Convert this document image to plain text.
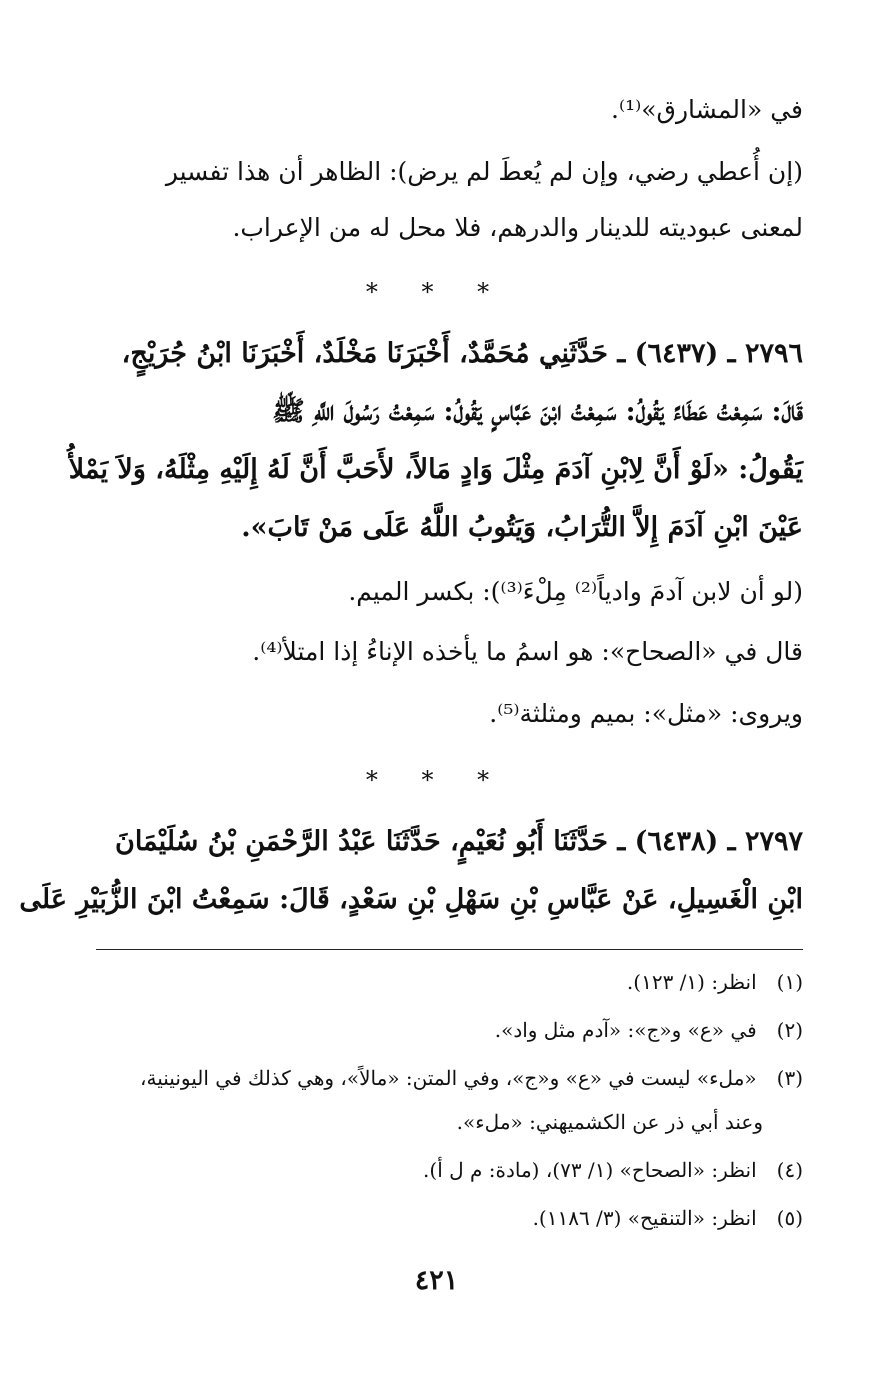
في «المشارق»⁽¹⁾.
(إن أُعطي رضي، وإن لم يُعطَ لم يرض): الظاهر أن هذا تفسير
لمعنى عبوديته للدينار والدرهم، فلا محل له من الإعراب.
* * *
٢٧٩٦ ـ (٦٤٣٧) ـ حَدَّثَنِي مُحَمَّدٌ، أَخْبَرَنَا مَخْلَدٌ، أَخْبَرَنَا ابْنُ جُرَيْجٍ،
قَالَ: سَمِعْتُ عَطَاءً يَقُولُ: سَمِعْتُ ابْنَ عَبَّاسٍ يَقُولُ: سَمِعْتُ رَسُولَ اللَّهِ ﷺ
يَقُولُ: «لَوْ أَنَّ لِابْنِ آدَمَ مِثْلَ وَادٍ مَالاً، لأَحَبَّ أَنَّ لَهُ إِلَيْهِ مِثْلَهُ، وَلاَ يَمْلأُ
عَيْنَ ابْنِ آدَمَ إِلاَّ التُّرَابُ، وَيَتُوبُ اللَّهُ عَلَى مَنْ تَابَ».
(لو أن لابن آدمَ وادياً⁽²⁾ مِلْءَ⁽³⁾): بكسر الميم.
قال في «الصحاح»: هو اسمُ ما يأخذه الإناءُ إذا امتلأ⁽⁴⁾.
ويروى: «مثل»: بميم ومثلثة⁽⁵⁾.
* * *
٢٧٩٧ ـ (٦٤٣٨) ـ حَدَّثَنَا أَبُو نُعَيْمٍ، حَدَّثَنَا عَبْدُ الرَّحْمَنِ بْنُ سُلَيْمَانَ
ابْنِ الْغَسِيلِ، عَنْ عَبَّاسِ بْنِ سَهْلِ بْنِ سَعْدٍ، قَالَ: سَمِعْتُ ابْنَ الزُّبَيْرِ عَلَى
(١) انظر: (١/ ١٢٣).
(٢) في «ع» و«ج»: «آدم مثل واد».
(٣) «ملء» ليست في «ع» و«ج»، وفي المتن: «مالاً»، وهي كذلك في اليونينية،
وعند أبي ذر عن الكشميهني: «ملء».
(٤) انظر: «الصحاح» (١/ ٧٣)، (مادة: م ل أ).
(٥) انظر: «التنقيح» (٣/ ١١٨٦).
٤٢١
